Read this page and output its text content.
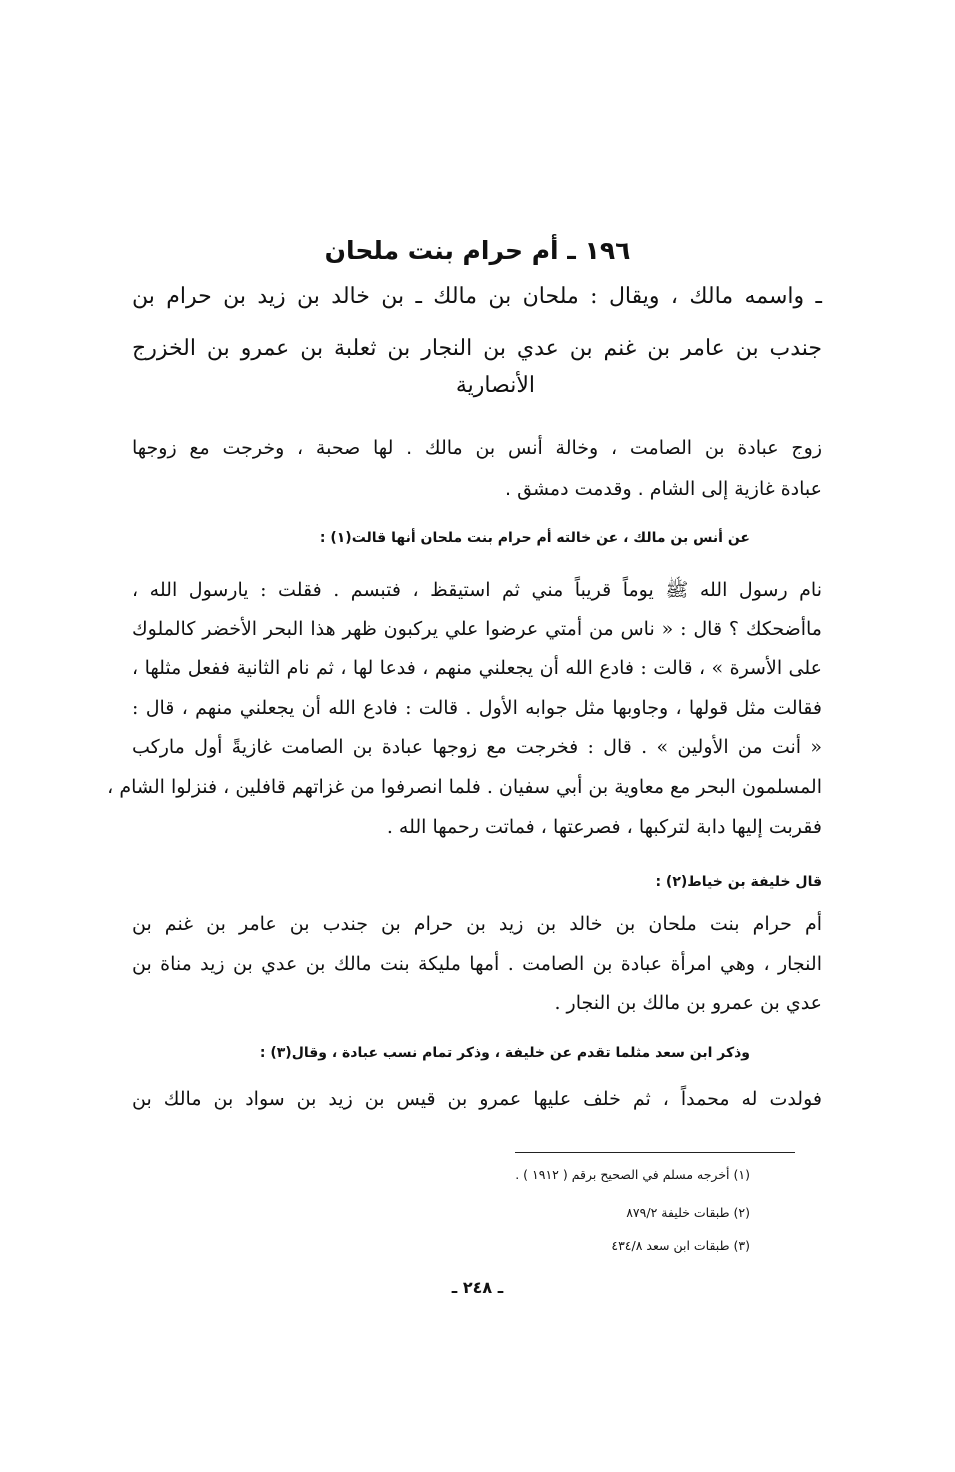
١٩٦ ـ أم حرام بنت ملحان

ـ واسمه مالك ، ويقال : ملحان بن مالك ـ بن خالد بن زيد بن حرام بن

جندب بن عامر بن غنم بن عدي بن النجار بن ثعلبة بن عمرو بن الخزرج

الأنصارية

زوج عبادة بن الصامت ، وخالة أنس بن مالك . لها صحبة ، وخرجت مع زوجها

عبادة غازية إلى الشام . وقدمت دمشق .

عن أنس بن مالك ، عن خالته أم حرام بنت ملحان أنها قالت(١) :

نام رسول الله ﷺ يوماً قريباً مني ثم استيقظ ، فتبسم . فقلت : يارسول الله ،

ماأضحكك ؟ قال : « ناس من أمتي عرضوا علي يركبون ظهر هذا البحر الأخضر كالملوك

على الأسرة » ، قالت : فادع الله أن يجعلني منهم ، فدعا لها ، ثم نام الثانية ففعل مثلها ،

فقالت مثل قولها ، وجاوبها مثل جوابه الأول . قالت : فادع الله أن يجعلني منهم ، قال :

« أنت من الأولين » . قال : فخرجت مع زوجها عبادة بن الصامت غازيةً أول ماركب

المسلمون البحر مع معاوية بن أبي سفيان . فلما انصرفوا من غزاتهم قافلين ، فنزلوا الشام ،

فقربت إليها دابة لتركبها ، فصرعتها ، فماتت رحمها الله .

قال خليفة بن خياط(٢) :

أم حرام بنت ملحان بن خالد بن زيد بن حرام بن جندب بن عامر بن غنم بن

النجار ، وهي امرأة عبادة بن الصامت . أمها مليكة بنت مالك بن عدي بن زيد مناة بن

عدي بن عمرو بن مالك بن النجار .

وذكر ابن سعد مثلما تقدم عن خليفة ، وذكر تمام نسب عبادة ، وقال(٣) :

فولدت له محمداً ، ثم خلف عليها عمرو بن قيس بن زيد بن سواد بن مالك بن

(١) أخرجه مسلم في الصحيح برقم ( ١٩١٢ ) .

(٢) طبقات خليفة ٨٧٩/٢

(٣) طبقات ابن سعد ٤٣٤/٨

ـ ٢٤٨ ـ
